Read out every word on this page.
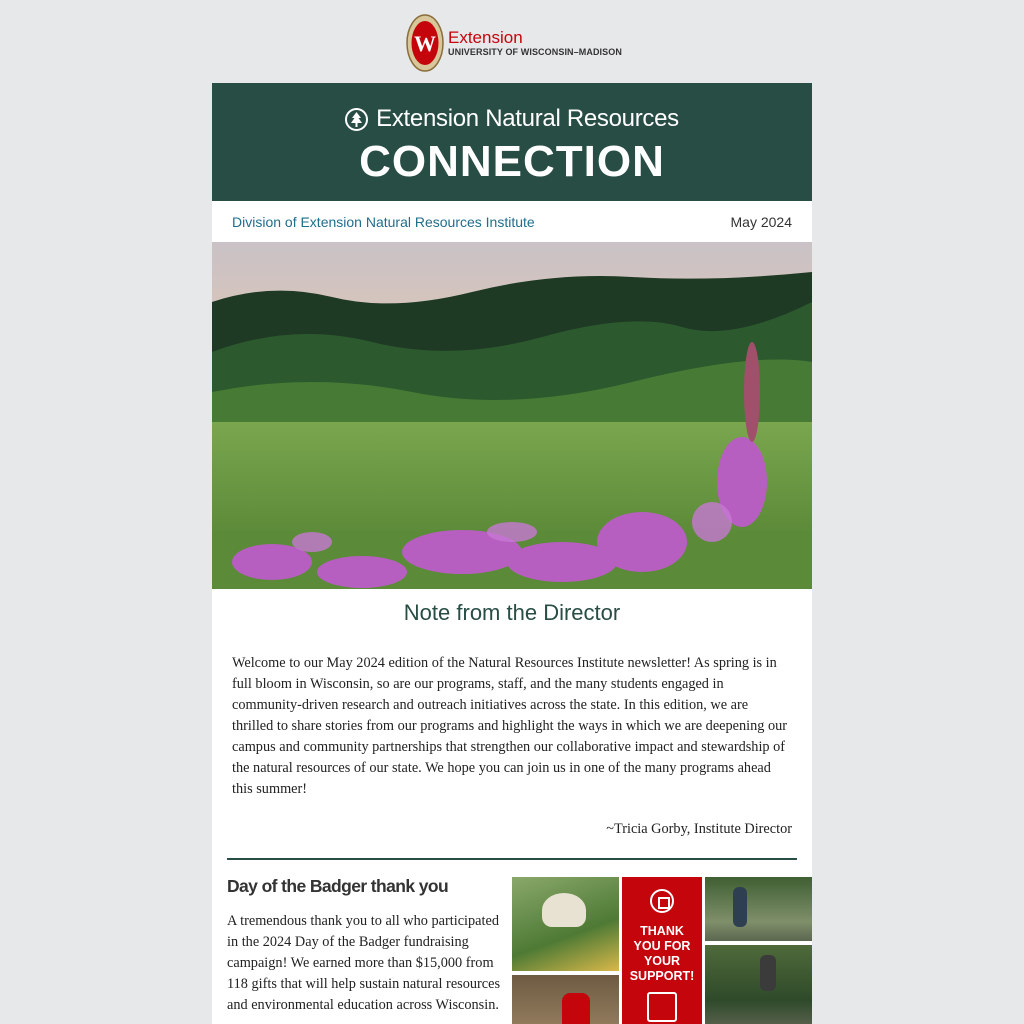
W Extension
UNIVERSITY OF WISCONSIN–MADISON
Extension Natural Resources
CONNECTION
Division of Extension Natural Resources Institute	May 2024
Note from the Director
Welcome to our May 2024 edition of the Natural Resources Institute newsletter! As spring is in full bloom in Wisconsin, so are our programs, staff, and the many students engaged in community-driven research and outreach initiatives across the state. In this edition, we are thrilled to share stories from our programs and highlight the ways in which we are deepening our campus and community partnerships that strengthen our collaborative impact and stewardship of the natural resources of our state. We hope you can join us in one of the many programs ahead this summer!
~Tricia Gorby, Institute Director
Day of the Badger thank you
A tremendous thank you to all who participated in the 2024 Day of the Badger fundraising campaign! We earned more than $15,000 from 118 gifts that will help sustain natural resources and environmental education across Wisconsin.
THANK
YOU FOR
YOUR
SUPPORT!
